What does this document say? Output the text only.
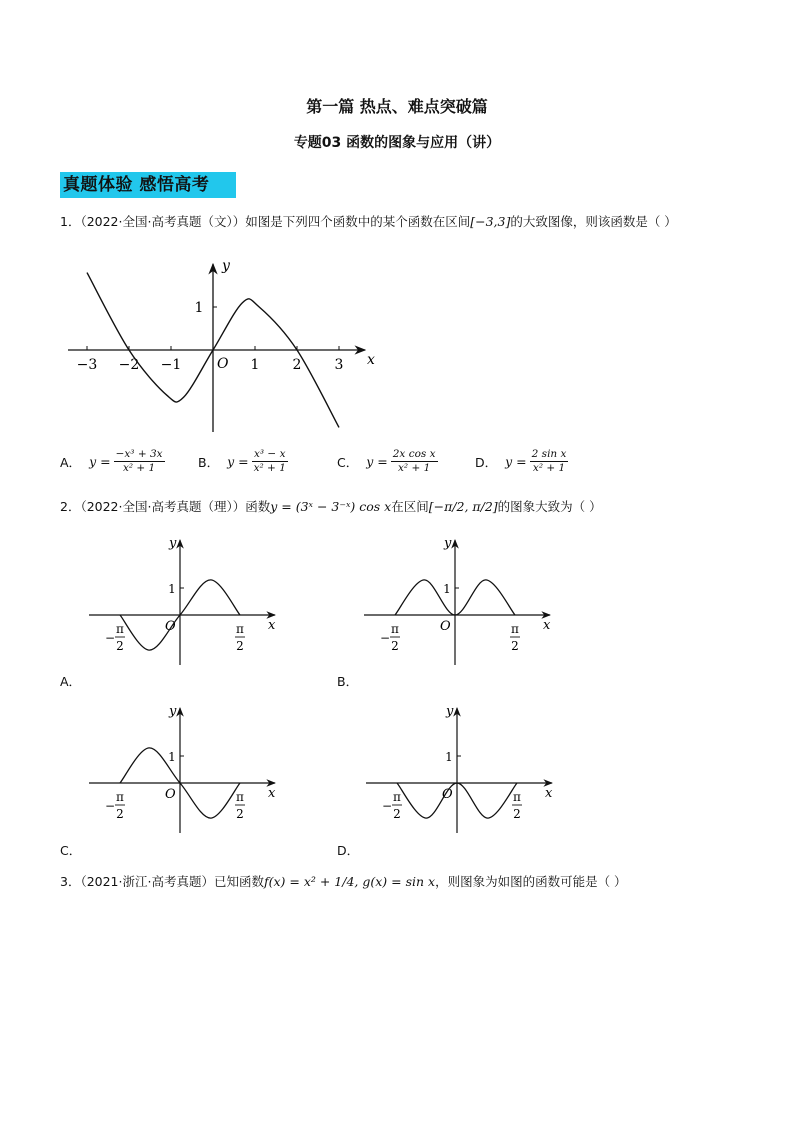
第一篇 热点、难点突破篇
专题03 函数的图象与应用（讲）
真题体验 感悟高考
1．（2022·全国·高考真题（文））如图是下列四个函数中的某个函数在区间[−3,3]的大致图像，则该函数是（ ）
−3 −2 −1	1 2 3
1
x
y
O
A． $y = \frac{\text{−x³ + 3x}}{\text{x² + 1}}$	B． $y = \frac{\text{x³ − x}}{\text{x² + 1}}$	C． $y = \frac{\text{2x cos x}}{\text{x² + 1}}$	D． $y = \frac{\text{2 sin x}}{\text{x² + 1}}$
2．（2022·全国·高考真题（理））函数y = (3ˣ − 3⁻ˣ) cos x在区间[−π/2, π/2]的图象大致为（ ）
x
y
O
1
−
π
2
π
2
A．
x
y
O
1
−
π
2
π
2
B．
x
y
O
1
−
π
2
π
2
C．
x
y
O
1
−
π
2
π
2
D．
3．（2021·浙江·高考真题）已知函数f(x) = x² + 1/4, g(x) = sin x，则图象为如图的函数可能是（ ）
